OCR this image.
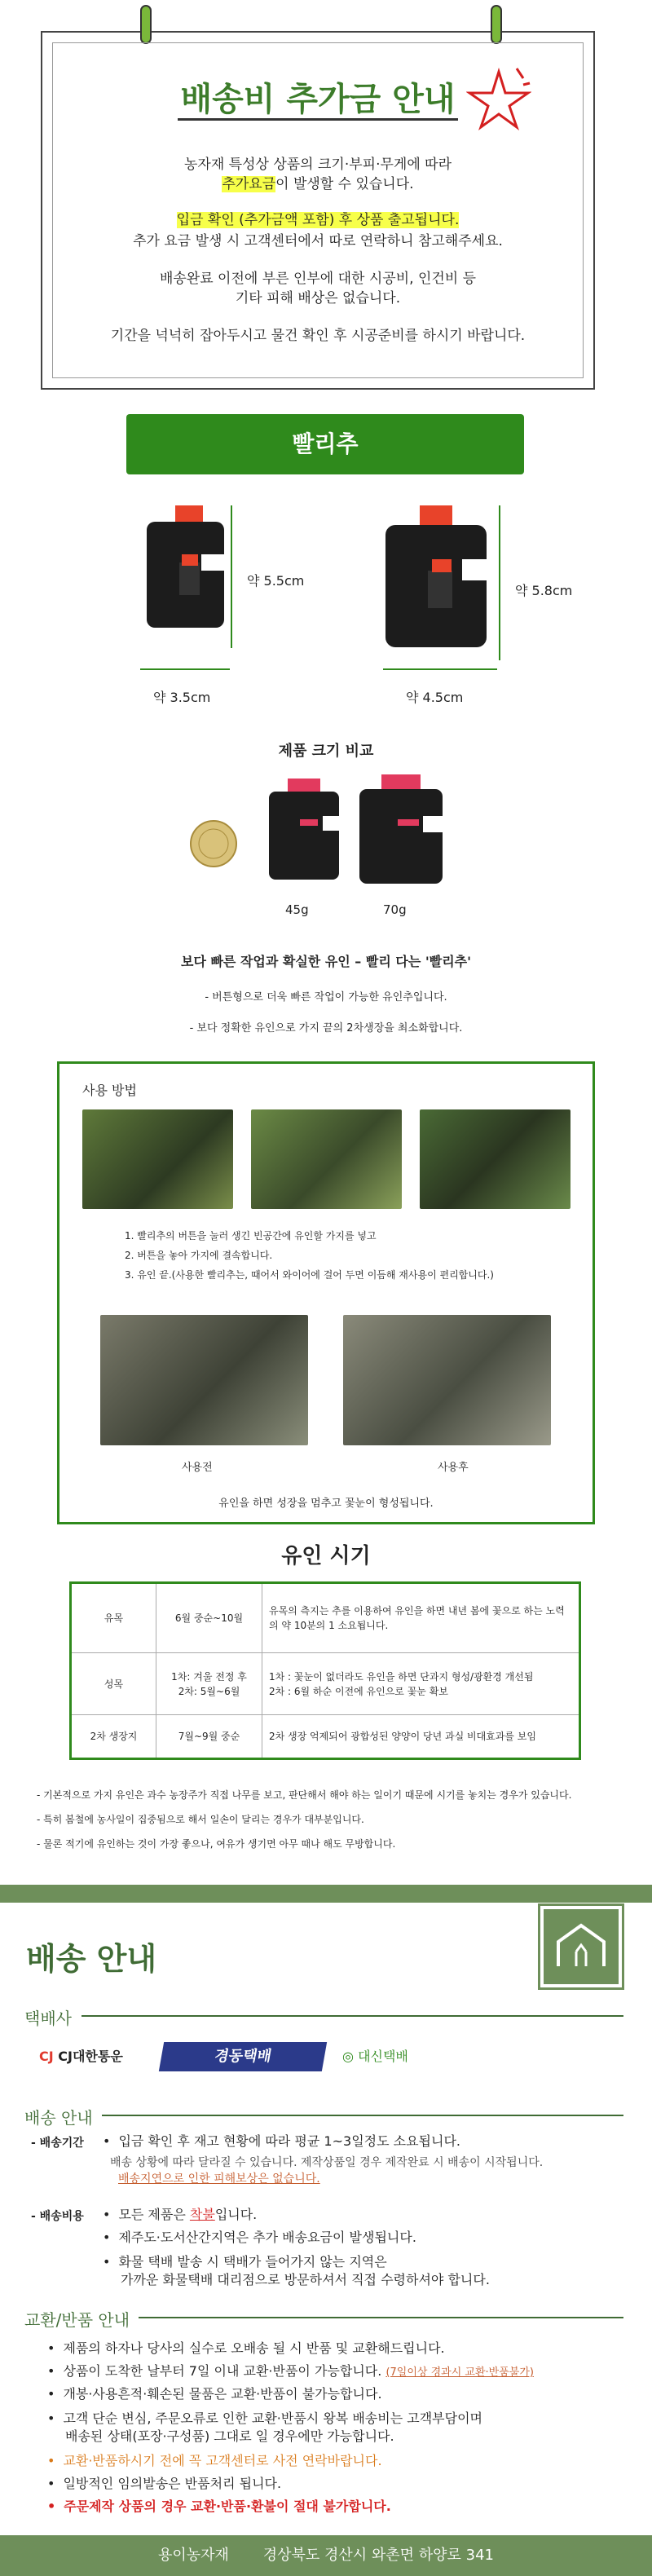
배송비 추가금 안내

농자재 특성상 상품의 크기·부피·무게에 따라

추가요금이 발생할 수 있습니다.

입금 확인 (추가금액 포함) 후 상품 출고됩니다.

추가 요금 발생 시 고객센터에서 따로 연락하니 참고해주세요.

배송완료 이전에 부른 인부에 대한 시공비, 인건비 등

기타 피해 배상은 없습니다.

기간을 넉넉히 잡아두시고 물건 확인 후 시공준비를 하시기 바랍니다.

빨리추
약 5.5cm
약 3.5cm
약 5.8cm
약 4.5cm
제품 크기 비교
45g	70g
보다 빠른 작업과 확실한 유인 – 빨리 다는 '빨리추'
- 버튼형으로 더욱 빠른 작업이 가능한 유인추입니다.
- 보다 정확한 유인으로 가지 끝의 2차생장을 최소화합니다.
사용 방법
1. 빨리추의 버튼을 눌러 생긴 빈공간에 유인할 가지를 넣고
2. 버튼을 놓아 가지에 결속합니다.
3. 유인 끝.(사용한 빨리추는, 때어서 와이어에 걸어 두면 이듬해 재사용이 편리합니다.)
사용전	사용후
유인을 하면 성장을 멈추고 꽃눈이 형성됩니다.
유인 시기
유목	6월 중순~10월	유목의 측지는 추를 이용하여 유인을 하면 내년 봄에 꽃으로 하는 노력의 약 10분의 1 소요됩니다.
성목	1차: 겨울 전정 후
2차: 5월~6월	1차 : 꽃눈이 없더라도 유인을 하면 단과지 형성/광환경 개선됨
2차 : 6월 하순 이전에 유인으로 꽃눈 확보
2차 생장지	7월~9월 중순	2차 생장 억제되어 광합성된 양양이 당년 과실 비대효과를 보임
- 기본적으로 가지 유인은 과수 농장주가 직접 나무를 보고, 판단해서 해야 하는 일이기 때문에 시기를 놓치는 경우가 있습니다.
- 특히 봄철에 농사일이 집중됨으로 해서 일손이 달리는 경우가 대부분입니다.
- 물론 적기에 유인하는 것이 가장 좋으나, 여유가 생기면 아무 때나 해도 무방합니다.
배송 안내
택배사
CJ CJ대한통운	경동택배	◎ 대신택배
배송 안내
- 배송기간	• 입금 확인 후 재고 현황에 따라 평균 1~3일정도 소요됩니다.
배송 상황에 따라 달라질 수 있습니다. 제작상품일 경우 제작완료 시 배송이 시작됩니다.
배송지연으로 인한 피해보상은 없습니다.
- 배송비용	• 모든 제품은 착불입니다.
• 제주도·도서산간지역은 추가 배송요금이 발생됩니다.
• 화물 택배 발송 시 택배가 들어가지 않는 지역은
가까운 화물택배 대리점으로 방문하셔서 직접 수령하셔야 합니다.
교환/반품 안내
• 제품의 하자나 당사의 실수로 오배송 될 시 반품 및 교환해드립니다.
• 상품이 도착한 날부터 7일 이내 교환·반품이 가능합니다. (7일이상 경과시 교환·반품불가)
• 개봉·사용흔적·훼손된 물품은 교환·반품이 불가능합니다.
• 고객 단순 변심, 주문오류로 인한 교환·반품시 왕복 배송비는 고객부담이며
배송된 상태(포장·구성품) 그대로 일 경우에만 가능합니다.
• 교환·반품하시기 전에 꼭 고객센터로 사전 연락바랍니다.
• 일방적인 임의발송은 반품처리 됩니다.
• 주문제작 상품의 경우 교환·반품·환불이 절대 불가합니다.
용이농자재 경상북도 경산시 와촌면 하양로 341
